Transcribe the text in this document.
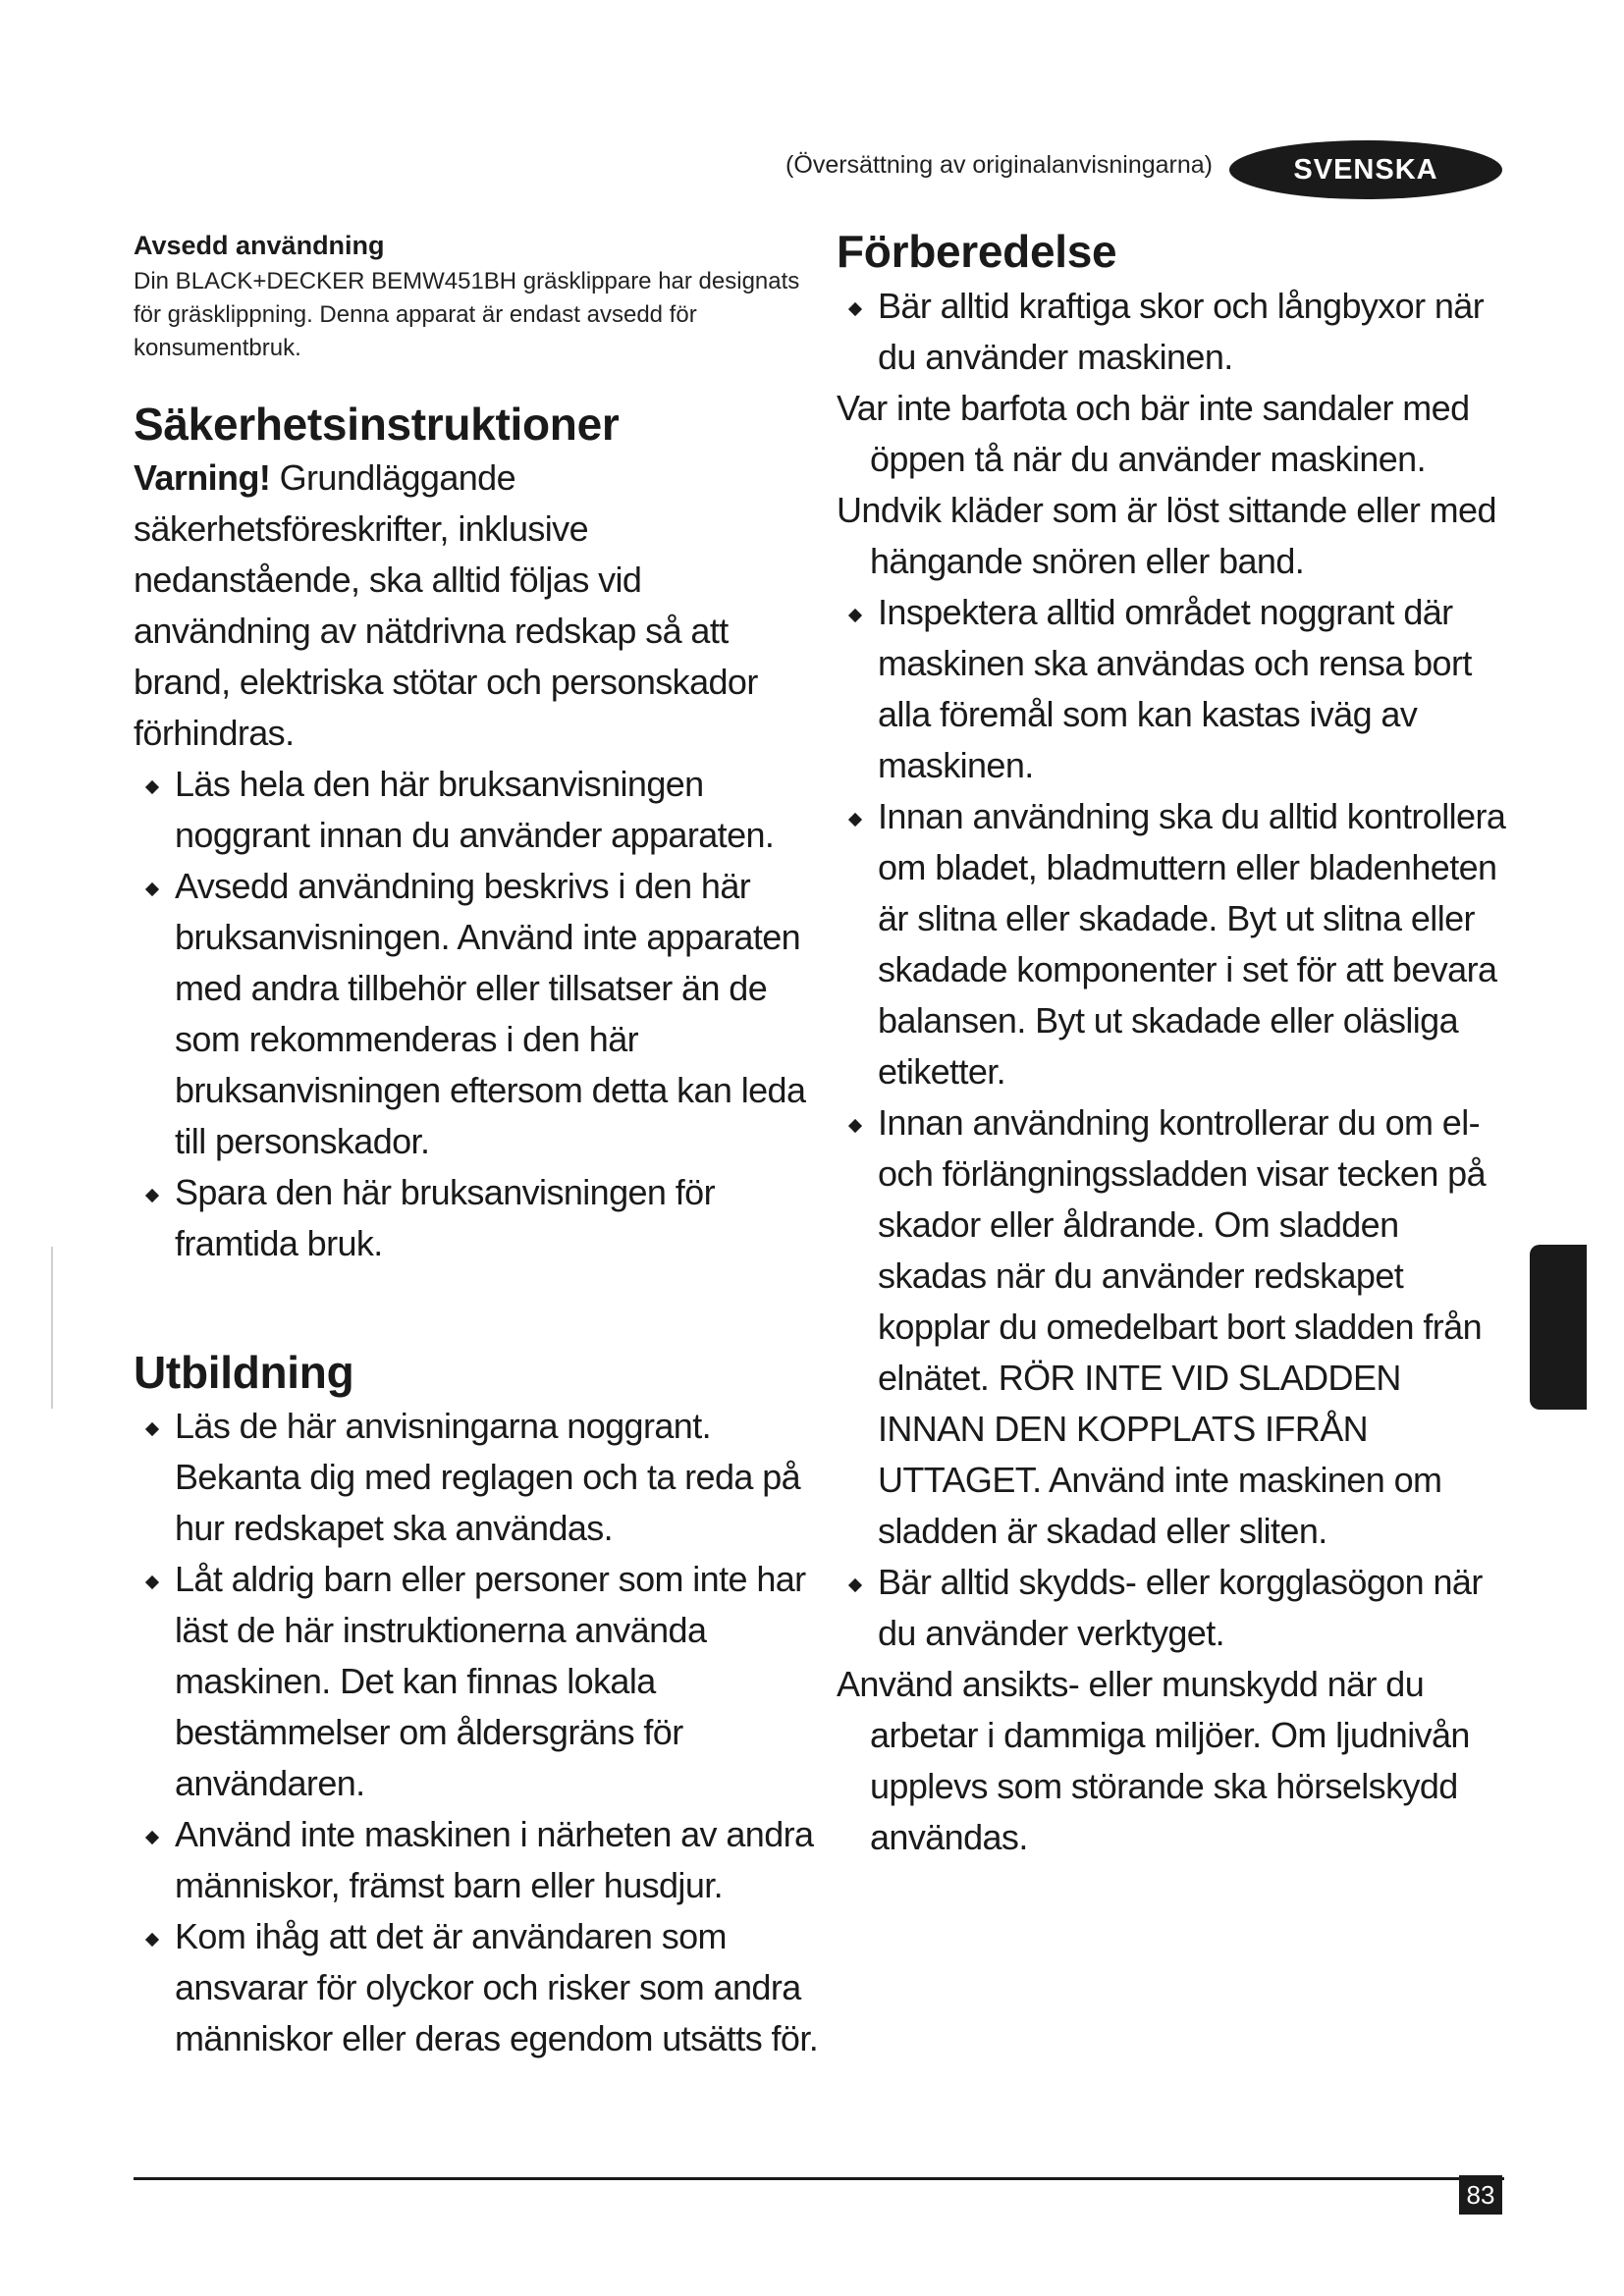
(Översättning av originalanvisningarna)	SVENSKA
Avsedd användning
Din BLACK+DECKER BEMW451BH gräsklippare har designats för gräsklippning. Denna apparat är endast avsedd för konsumentbruk.
Säkerhetsinstruktioner
Varning! Grundläggande säkerhetsföreskrifter, inklusive nedanstående, ska alltid följas vid användning av nätdrivna redskap så att brand, elektriska stötar och personskador förhindras.
Läs hela den här bruksanvisningen noggrant innan du använder apparaten.
Avsedd användning beskrivs i den här bruksanvisningen. Använd inte apparaten med andra tillbehör eller tillsatser än de som rekommenderas i den här bruksanvisningen eftersom detta kan leda till personskador.
Spara den här bruksanvisningen för framtida bruk.
Utbildning
Läs de här anvisningarna noggrant. Bekanta dig med reglagen och ta reda på hur redskapet ska användas.
Låt aldrig barn eller personer som inte har läst de här instruktionerna använda maskinen. Det kan finnas lokala bestämmelser om åldersgräns för användaren.
Använd inte maskinen i närheten av andra människor, främst barn eller husdjur.
Kom ihåg att det är användaren som ansvarar för olyckor och risker som andra människor eller deras egendom utsätts för.
Förberedelse
Bär alltid kraftiga skor och långbyxor när du använder maskinen.
Var inte barfota och bär inte sandaler med öppen tå när du använder maskinen.
Undvik kläder som är löst sittande eller med hängande snören eller band.
Inspektera alltid området noggrant där maskinen ska användas och rensa bort alla föremål som kan kastas iväg av maskinen.
Innan användning ska du alltid kontrollera om bladet, bladmuttern eller bladenheten är slitna eller skadade. Byt ut slitna eller skadade komponenter i set för att bevara balansen. Byt ut skadade eller oläsliga etiketter.
Innan användning kontrollerar du om el- och förlängningssladden visar tecken på skador eller åldrande. Om sladden skadas när du använder redskapet kopplar du omedelbart bort sladden från elnätet. RÖR INTE VID SLADDEN INNAN DEN KOPPLATS IFRÅN UTTAGET. Använd inte maskinen om sladden är skadad eller sliten.
Bär alltid skydds- eller korgglasögon när du använder verktyget.
Använd ansikts- eller munskydd när du arbetar i dammiga miljöer. Om ljudnivån upplevs som störande ska hörselskydd användas.
83
